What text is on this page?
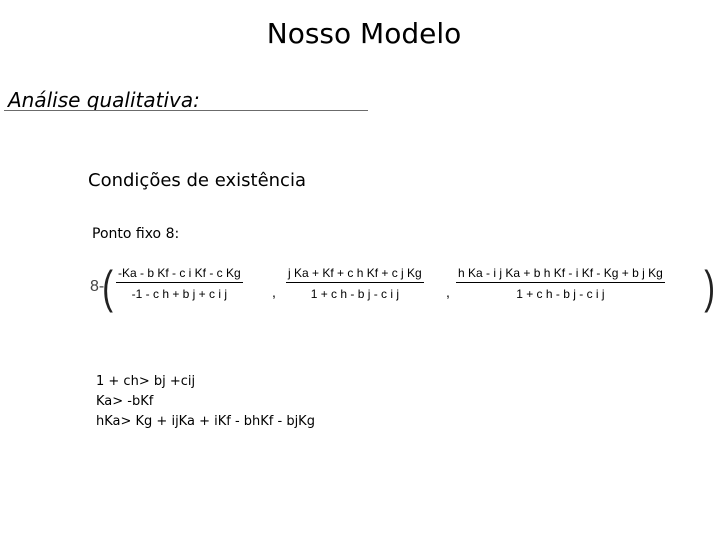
Nosso Modelo
Análise qualitativa:
Condições de existência
Ponto fixo 8:
8-
( $\frac{\text{-Ka - b Kf - c i Kf - c Kg}}{\text{-1 - c h + b j + c i j}}$ , $\frac{\text{j Ka + Kf + c h Kf + c j Kg}}{\text{1 + c h - b j - c i j}}$ , $\frac{\text{h Ka - i j Ka + b h Kf - i Kf - Kg + b j Kg}}{\text{1 + c h - b j - c i j}}$ )
1 + ch> bj +cij
Ka> -bKf
hKa> Kg + ijKa + iKf - bhKf - bjKg
